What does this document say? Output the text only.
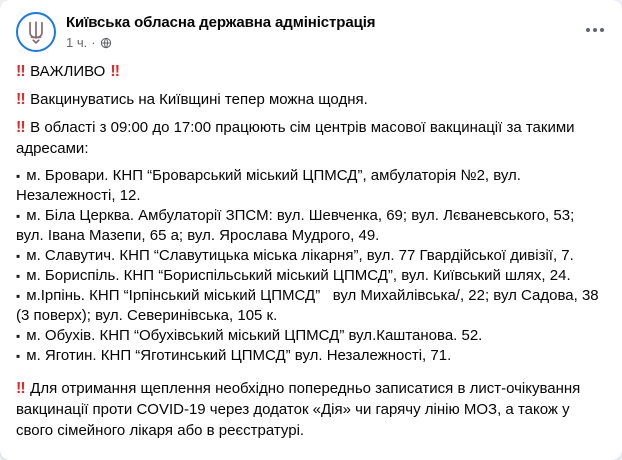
Київська обласна державна адміністрація
1 ч. ·

‼ ВАЖЛИВО ‼

‼ Вакцинуватись на Київщині тепер можна щодня.

‼ В області з 09:00 до 17:00 працюють сім центрів масової вакцинації за такими адресами:

▪ м. Бровари. КНП “Броварський міський ЦПМСД”, амбулаторія №2, вул. Незалежності, 12.
▪ м. Біла Церква. Амбулаторії ЗПСМ: вул. Шевченка, 69; вул. Лєваневського, 53; вул. Івана Мазепи, 65 а; вул. Ярослава Мудрого, 49.
▪ м. Славутич. КНП “Славутицька міська лікарня”, вул. 77 Гвардійської дивізії, 7.
▪ м. Бориспіль. КНП “Бориспільський міський ЦПМСД”, вул. Київський шлях, 24.
▪ м.Ірпінь. КНП “Ірпінський міський ЦПМСД”   вул Михайлівська/, 22; вул Садова, 38 (3 поверх); вул. Северинівська, 105 к.
▪ м. Обухів. КНП “Обухівський міський ЦПМСД” вул.Каштанова. 52.
▪ м. Яготин. КНП “Яготинський ЦПМСД” вул. Незалежності, 71.

‼ Для отримання щеплення необхідно попередньо записатися в лист-очікування вакцинації проти COVID-19 через додаток «Дія» чи гарячу лінію МОЗ, а також у свого сімейного лікаря або в реєстратурі.
